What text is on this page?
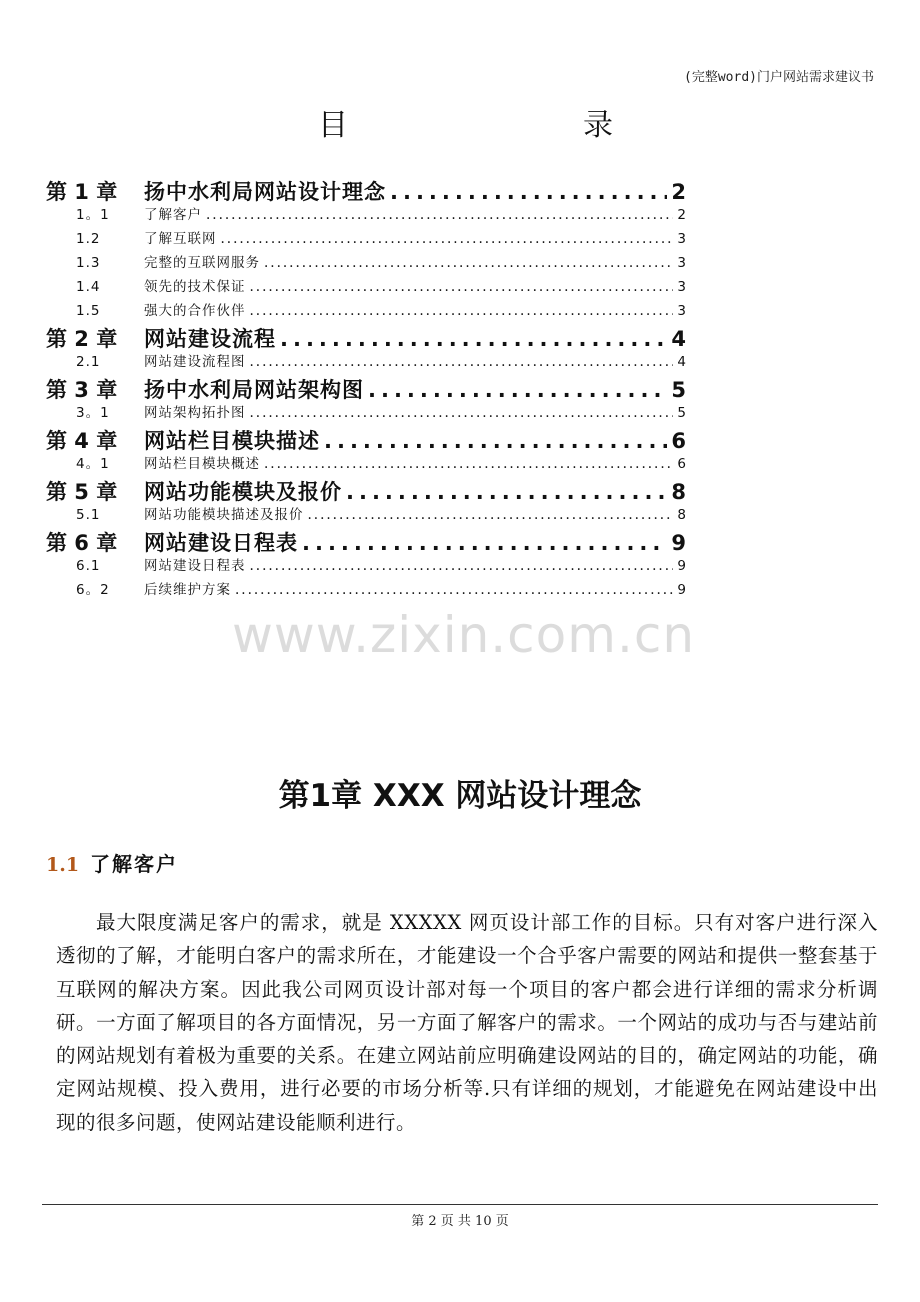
(完整word)门户网站需求建议书
目	录
第 1 章	扬中水利局网站设计理念 .....	2
1。1	了解客户 .....	2
1.2	了解互联网 .....	3
1.3	完整的互联网服务 .....	3
1.4	领先的技术保证 .....	3
1.5	强大的合作伙伴 .....	3
第 2 章	网站建设流程 .....	4
2.1	网站建设流程图 .....	4
第 3 章	扬中水利局网站架构图 .....	5
3。1	网站架构拓扑图 .....	5
第 4 章	网站栏目模块描述 .....	6
4。1	网站栏目模块概述 .....	6
第 5 章	网站功能模块及报价 .....	8
5.1	网站功能模块描述及报价 .....	8
第 6 章	网站建设日程表 .....	9
6.1	网站建设日程表 .....	9
6。2	后续维护方案 .....	9
www.zixin.com.cn
第1章 XXX 网站设计理念
1.1 了解客户
最大限度满足客户的需求，就是 XXXXX 网页设计部工作的目标。只有对客户进行深入透彻的了解，才能明白客户的需求所在，才能建设一个合乎客户需要的网站和提供一整套基于互联网的解决方案。因此我公司网页设计部对每一个项目的客户都会进行详细的需求分析调研。一方面了解项目的各方面情况，另一方面了解客户的需求。一个网站的成功与否与建站前的网站规划有着极为重要的关系。在建立网站前应明确建设网站的目的，确定网站的功能，确定网站规模、投入费用，进行必要的市场分析等.只有详细的规划，才能避免在网站建设中出现的很多问题，使网站建设能顺利进行。
第 2 页 共 10 页
